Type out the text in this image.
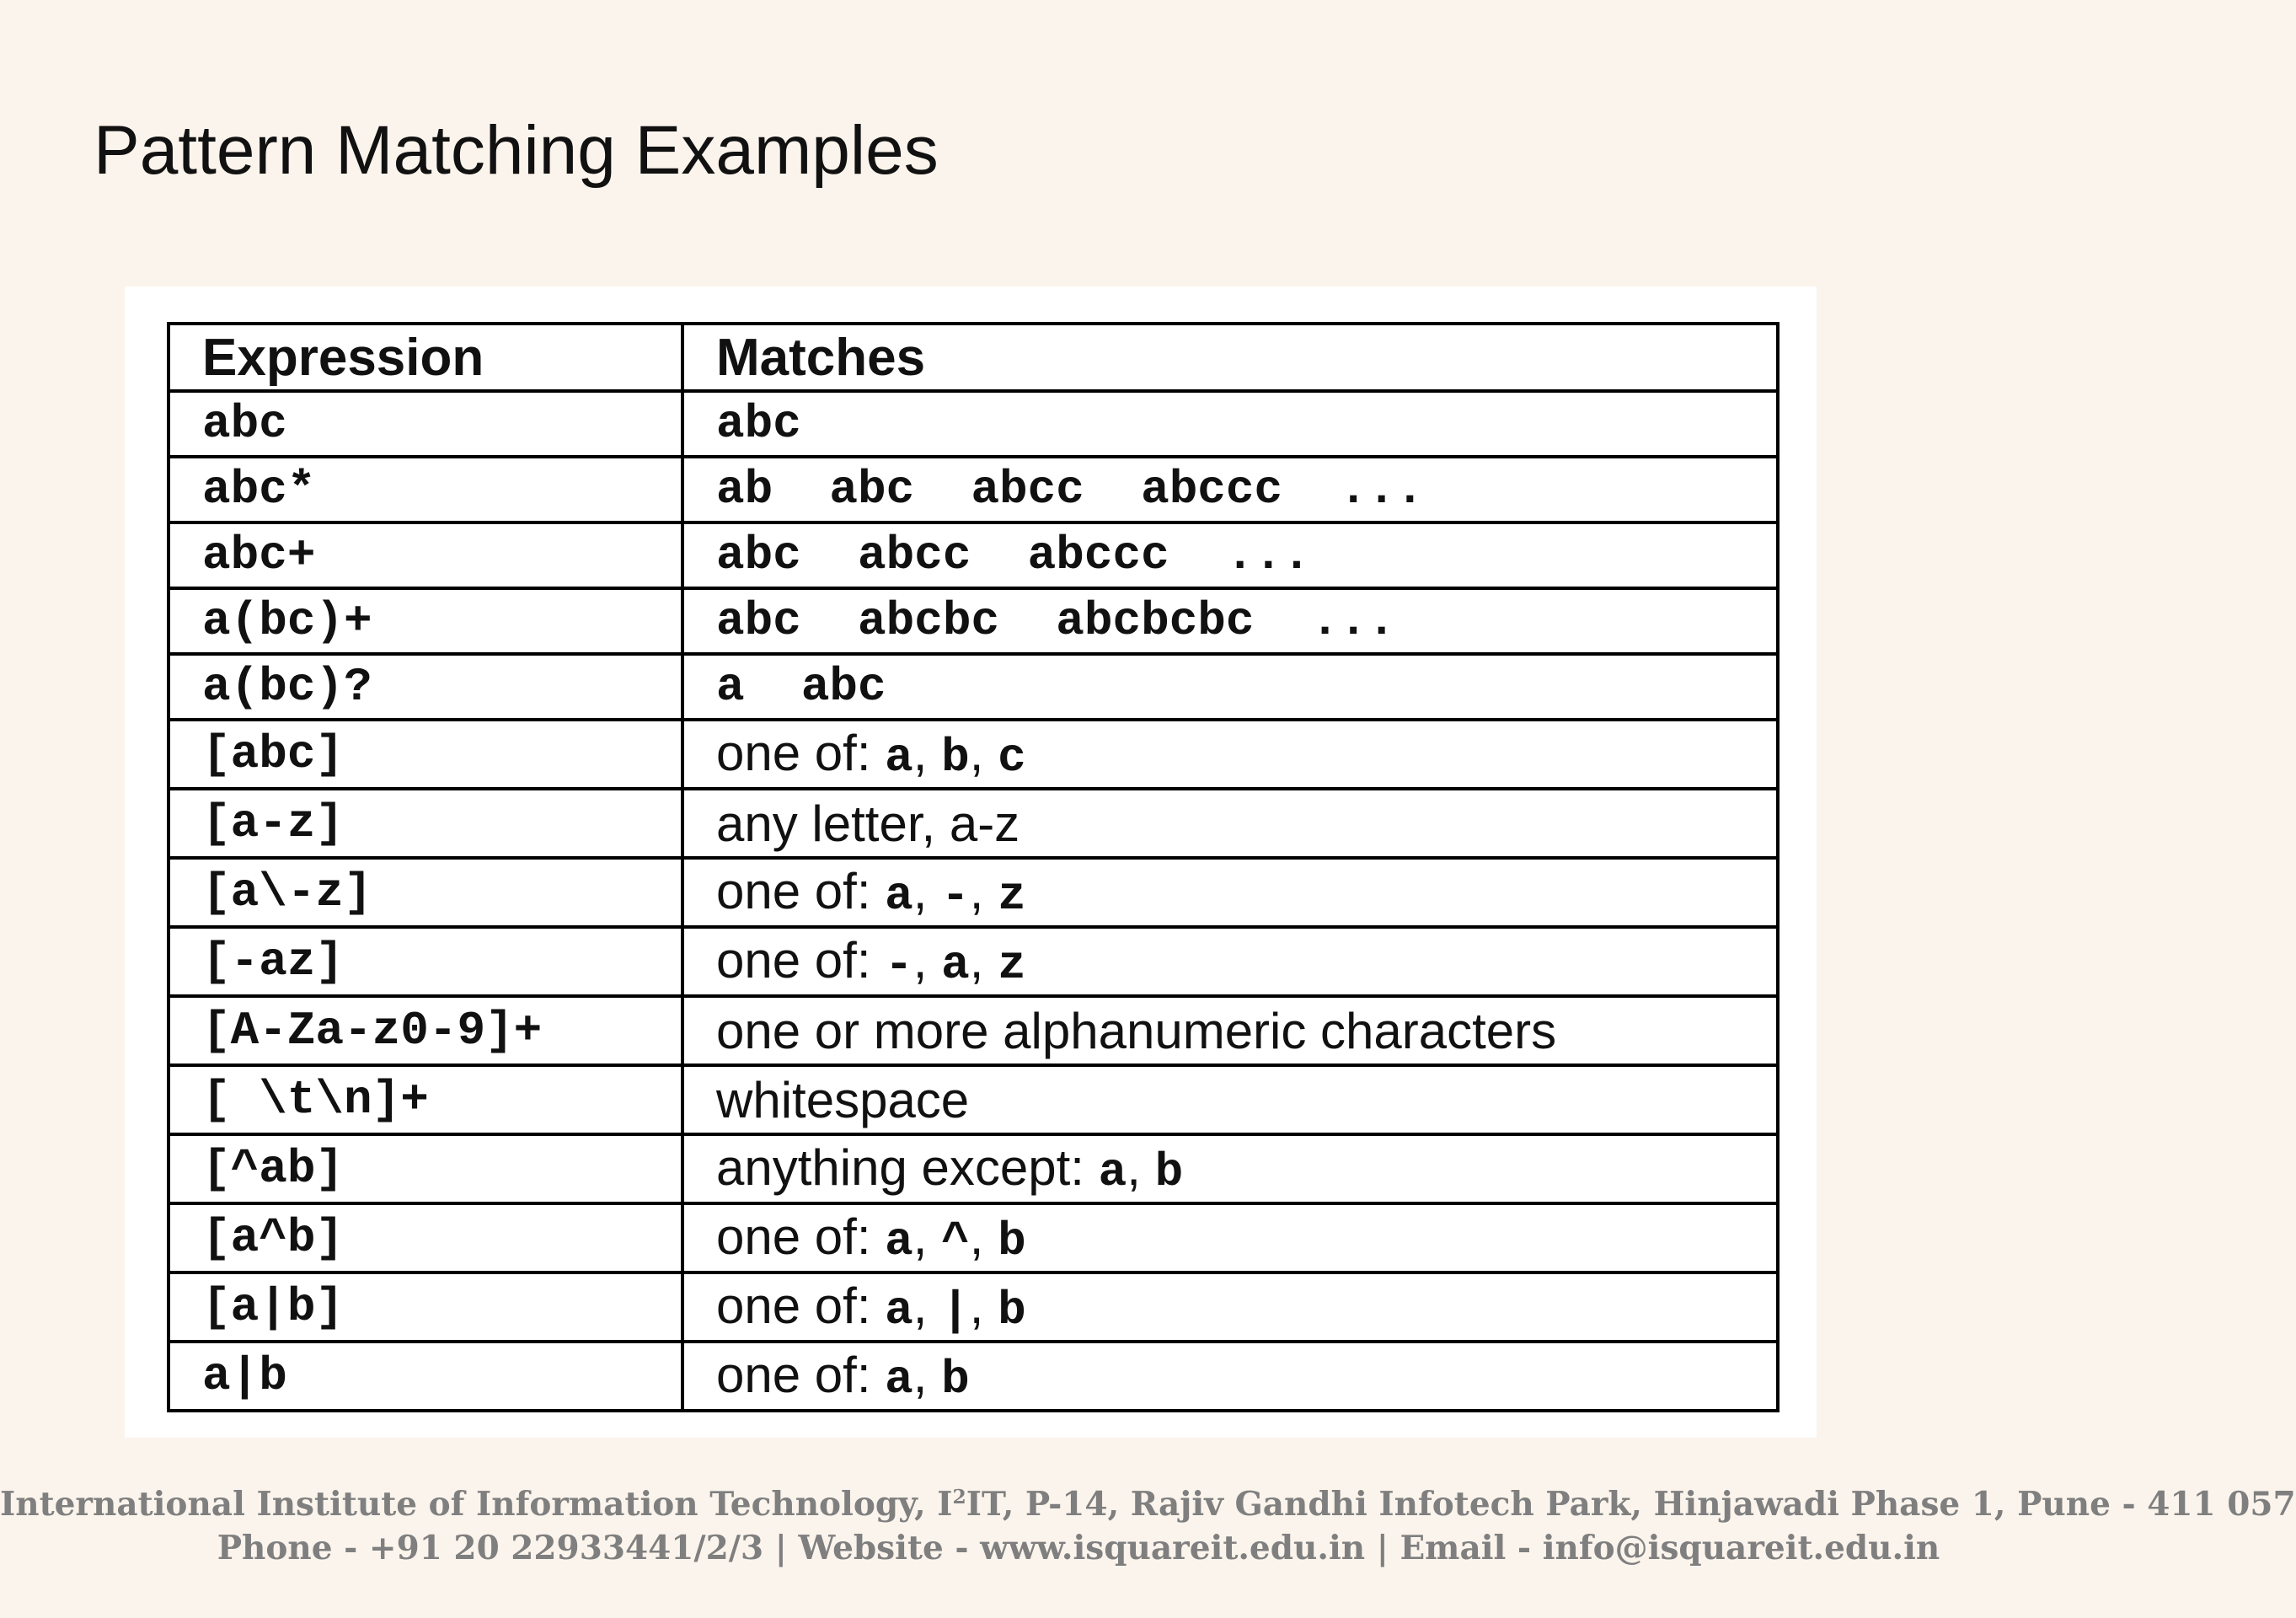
Pattern Matching Examples
Expression	Matches
abc	abc
abc*	ab  abc  abcc  abccc  ...
abc+	abc  abcc  abccc  ...
a(bc)+	abc  abcbc  abcbcbc  ...
a(bc)?	a  abc
[abc]	one of: a, b, c
[a-z]	any letter, a-z
[a\-z]	one of: a, -, z
[-az]	one of: -, a, z
[A-Za-z0-9]+	one or more alphanumeric characters
[ \t\n]+	whitespace
[^ab]	anything except: a, b
[a^b]	one of: a, ^, b
[a|b]	one of: a, |, b
a|b	one of: a, b
International Institute of Information Technology, $I^2IT$, P-14, Rajiv Gandhi Infotech Park, Hinjawadi Phase 1, Pune - 411 057
Phone - +91 20 22933441/2/3 | Website - www.isquareit.edu.in | Email - info@isquareit.edu.in
